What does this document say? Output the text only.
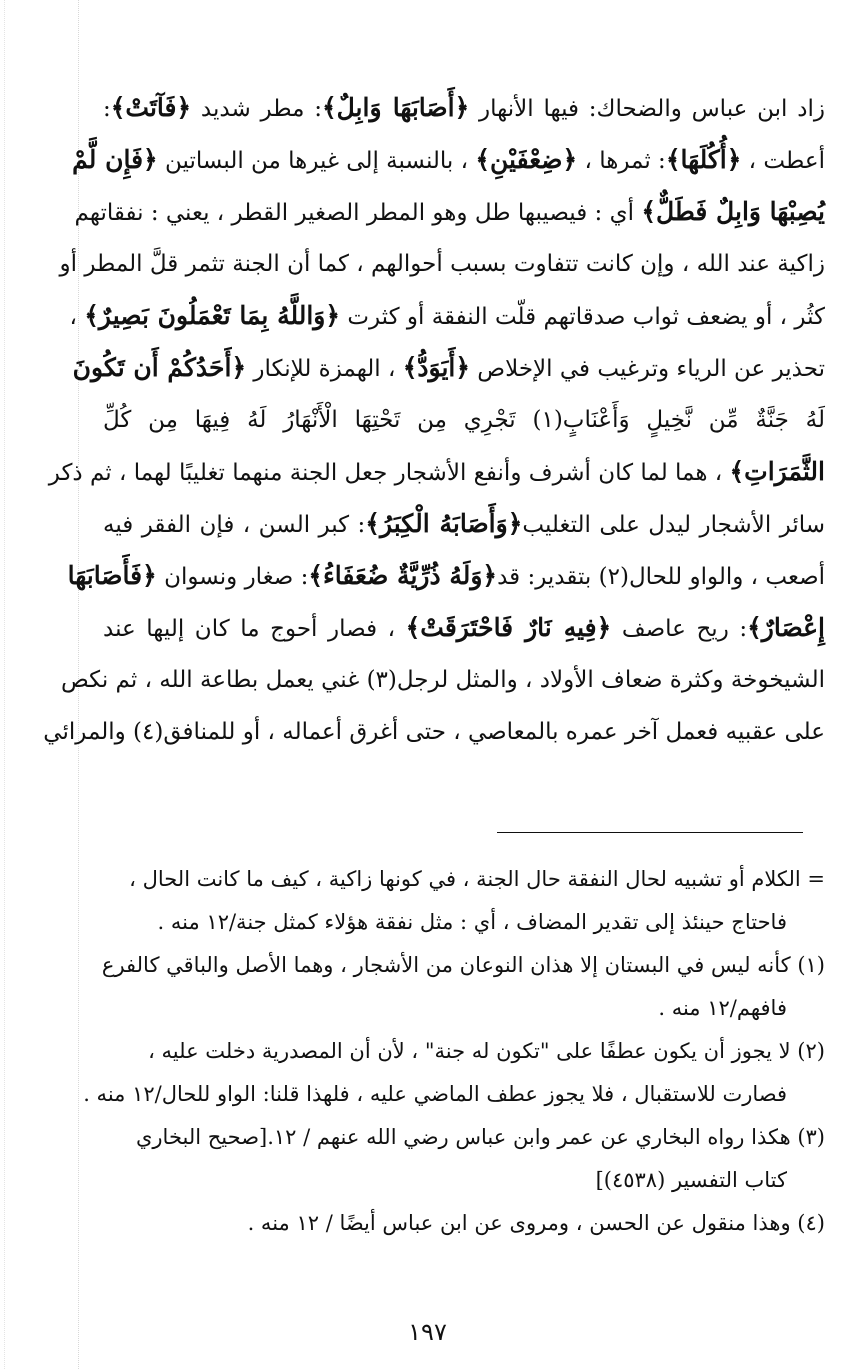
زاد ابن عباس والضحاك: فيها الأنهار ﴿أَصَابَهَا وَابِلٌ﴾: مطر شديد ﴿فَآتَتْ﴾:
أعطت ، ﴿أُكُلَهَا﴾: ثمرها ، ﴿ضِعْفَيْنِ﴾ ، بالنسبة إلى غيرها من البساتين ﴿فَإِن لَّمْ
يُصِبْهَا وَابِلٌ فَطَلٌّ﴾ أي : فيصيبها طل وهو المطر الصغير القطر ، يعني : نفقاتهم
زاكية عند الله ، وإن كانت تتفاوت بسبب أحوالهم ، كما أن الجنة تثمر قلَّ المطر أو
كثُر ، أو يضعف ثواب صدقاتهم قلّت النفقة أو كثرت ﴿وَاللَّهُ بِمَا تَعْمَلُونَ بَصِيرٌ﴾ ،
تحذير عن الرياء وترغيب في الإخلاص ﴿أَيَوَدُّ﴾ ، الهمزة للإنكار ﴿أَحَدُكُمْ أَن تَكُونَ
لَهُ جَنَّةٌ مِّن نَّخِيلٍ وَأَعْنَابٍ(١) تَجْرِي مِن تَحْتِهَا الْأَنْهَارُ لَهُ فِيهَا مِن كُلِّ
الثَّمَرَاتِ﴾ ، هما لما كان أشرف وأنفع الأشجار جعل الجنة منهما تغليبًا لهما ، ثم ذكر
سائر الأشجار ليدل على التغليب﴿وَأَصَابَهُ الْكِبَرُ﴾: كبر السن ، فإن الفقر فيه
أصعب ، والواو للحال(٢) بتقدير: قد﴿وَلَهُ ذُرِّيَّةٌ ضُعَفَاءُ﴾: صغار ونسوان ﴿فَأَصَابَهَا
إِعْصَارٌ﴾: ريح عاصف ﴿فِيهِ نَارٌ فَاحْتَرَقَتْ﴾ ، فصار أحوج ما كان إليها عند
الشيخوخة وكثرة ضعاف الأولاد ، والمثل لرجل(٣) غني يعمل بطاعة الله ، ثم نكص
على عقبيه فعمل آخر عمره بالمعاصي ، حتى أغرق أعماله ، أو للمنافق(٤) والمرائي
= الكلام أو تشبيه لحال النفقة حال الجنة ، في كونها زاكية ، كيف ما كانت الحال ،
فاحتاج حينئذ إلى تقدير المضاف ، أي : مثل نفقة هؤلاء كمثل جنة/١٢ منه .
(١) كأنه ليس في البستان إلا هذان النوعان من الأشجار ، وهما الأصل والباقي كالفرع
فافهم/١٢ منه .
(٢) لا يجوز أن يكون عطفًا على "تكون له جنة" ، لأن أن المصدرية دخلت عليه ،
فصارت للاستقبال ، فلا يجوز عطف الماضي عليه ، فلهذا قلنا: الواو للحال/١٢ منه .
(٣) هكذا رواه البخاري عن عمر وابن عباس رضي الله عنهم / ١٢.[صحيح البخاري
كتاب التفسير (٤٥٣٨)]
(٤) وهذا منقول عن الحسن ، ومروى عن ابن عباس أيضًا / ١٢ منه .
١٩٧
